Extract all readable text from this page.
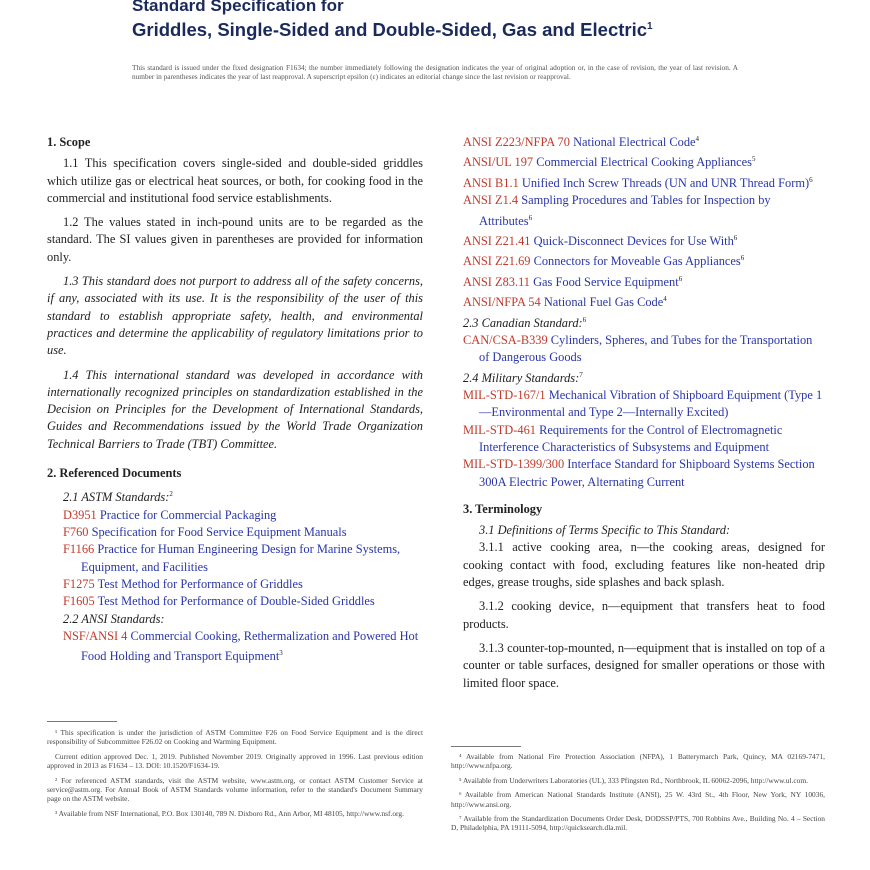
Standard Specification for
Griddles, Single-Sided and Double-Sided, Gas and Electric$^1$
This standard is issued under the fixed designation F1634; the number immediately following the designation indicates the year of original adoption or, in the case of revision, the year of last revision. A number in parentheses indicates the year of last reapproval. A superscript epsilon (ε) indicates an editorial change since the last revision or reapproval.
1. Scope

1.1 This specification covers single-sided and double-sided griddles which utilize gas or electrical heat sources, or both, for cooking food in the commercial and institutional food service establishments.

1.2 The values stated in inch-pound units are to be regarded as the standard. The SI values given in parentheses are provided for information only.

1.3 This standard does not purport to address all of the safety concerns, if any, associated with its use. It is the responsibility of the user of this standard to establish appropriate safety, health, and environmental practices and determine the applicability of regulatory limitations prior to use.

1.4 This international standard was developed in accordance with internationally recognized principles on standardization established in the Decision on Principles for the Development of International Standards, Guides and Recommendations issued by the World Trade Organization Technical Barriers to Trade (TBT) Committee.

2. Referenced Documents
2.1 ASTM Standards:$^2$
D3951 Practice for Commercial Packaging
F760 Specification for Food Service Equipment Manuals
F1166 Practice for Human Engineering Design for Marine Systems, Equipment, and Facilities
F1275 Test Method for Performance of Griddles
F1605 Test Method for Performance of Double-Sided Griddles
2.2 ANSI Standards:
NSF/ANSI 4 Commercial Cooking, Rethermalization and Powered Hot Food Holding and Transport Equipment$^3$
ANSI Z223/NFPA 70 National Electrical Code$^4$
ANSI/UL 197 Commercial Electrical Cooking Appliances$^5$
ANSI B1.1 Unified Inch Screw Threads (UN and UNR Thread Form)$^6$
ANSI Z1.4 Sampling Procedures and Tables for Inspection by Attributes$^6$
ANSI Z21.41 Quick-Disconnect Devices for Use With$^6$
ANSI Z21.69 Connectors for Moveable Gas Appliances$^6$
ANSI Z83.11 Gas Food Service Equipment$^6$
ANSI/NFPA 54 National Fuel Gas Code$^4$
2.3 Canadian Standard:$^6$
CAN/CSA-B339 Cylinders, Spheres, and Tubes for the Transportation of Dangerous Goods
2.4 Military Standards:$^7$
MIL-STD-167/1 Mechanical Vibration of Shipboard Equipment (Type 1—Environmental and Type 2—Internally Excited)
MIL-STD-461 Requirements for the Control of Electromagnetic Interference Characteristics of Subsystems and Equipment
MIL-STD-1399/300 Interface Standard for Shipboard Systems Section 300A Electric Power, Alternating Current
3. Terminology

3.1 Definitions of Terms Specific to This Standard:

3.1.1 active cooking area, n—the cooking areas, designed for cooking contact with food, excluding features like non-heated drip edges, grease troughs, side splashes and back splash.

3.1.2 cooking device, n—equipment that transfers heat to food products.

3.1.3 counter-top-mounted, n—equipment that is installed on top of a counter or table surfaces, designed for smaller operations or those with limited floor space.

¹ This specification is under the jurisdiction of ASTM Committee F26 on Food Service Equipment and is the direct responsibility of Subcommittee F26.02 on Cooking and Warming Equipment.

Current edition approved Dec. 1, 2019. Published November 2019. Originally approved in 1996. Last previous edition approved in 2013 as F1634 – 13. DOI: 10.1520/F1634-19.

² For referenced ASTM standards, visit the ASTM website, www.astm.org, or contact ASTM Customer Service at service@astm.org. For Annual Book of ASTM Standards volume information, refer to the standard's Document Summary page on the ASTM website.

³ Available from NSF International, P.O. Box 130140, 789 N. Dixboro Rd., Ann Arbor, MI 48105, http://www.nsf.org.

⁴ Available from National Fire Protection Association (NFPA), 1 Batterymarch Park, Quincy, MA 02169-7471, http://www.nfpa.org.

⁵ Available from Underwriters Laboratories (UL), 333 Pfingsten Rd., Northbrook, IL 60062-2096, http://www.ul.com.

⁶ Available from American National Standards Institute (ANSI), 25 W. 43rd St., 4th Floor, New York, NY 10036, http://www.ansi.org.

⁷ Available from the Standardization Documents Order Desk, DODSSP/PTS, 700 Robbins Ave., Building No. 4 – Section D, Philadelphia, PA 19111-5094, http://quicksearch.dla.mil.
